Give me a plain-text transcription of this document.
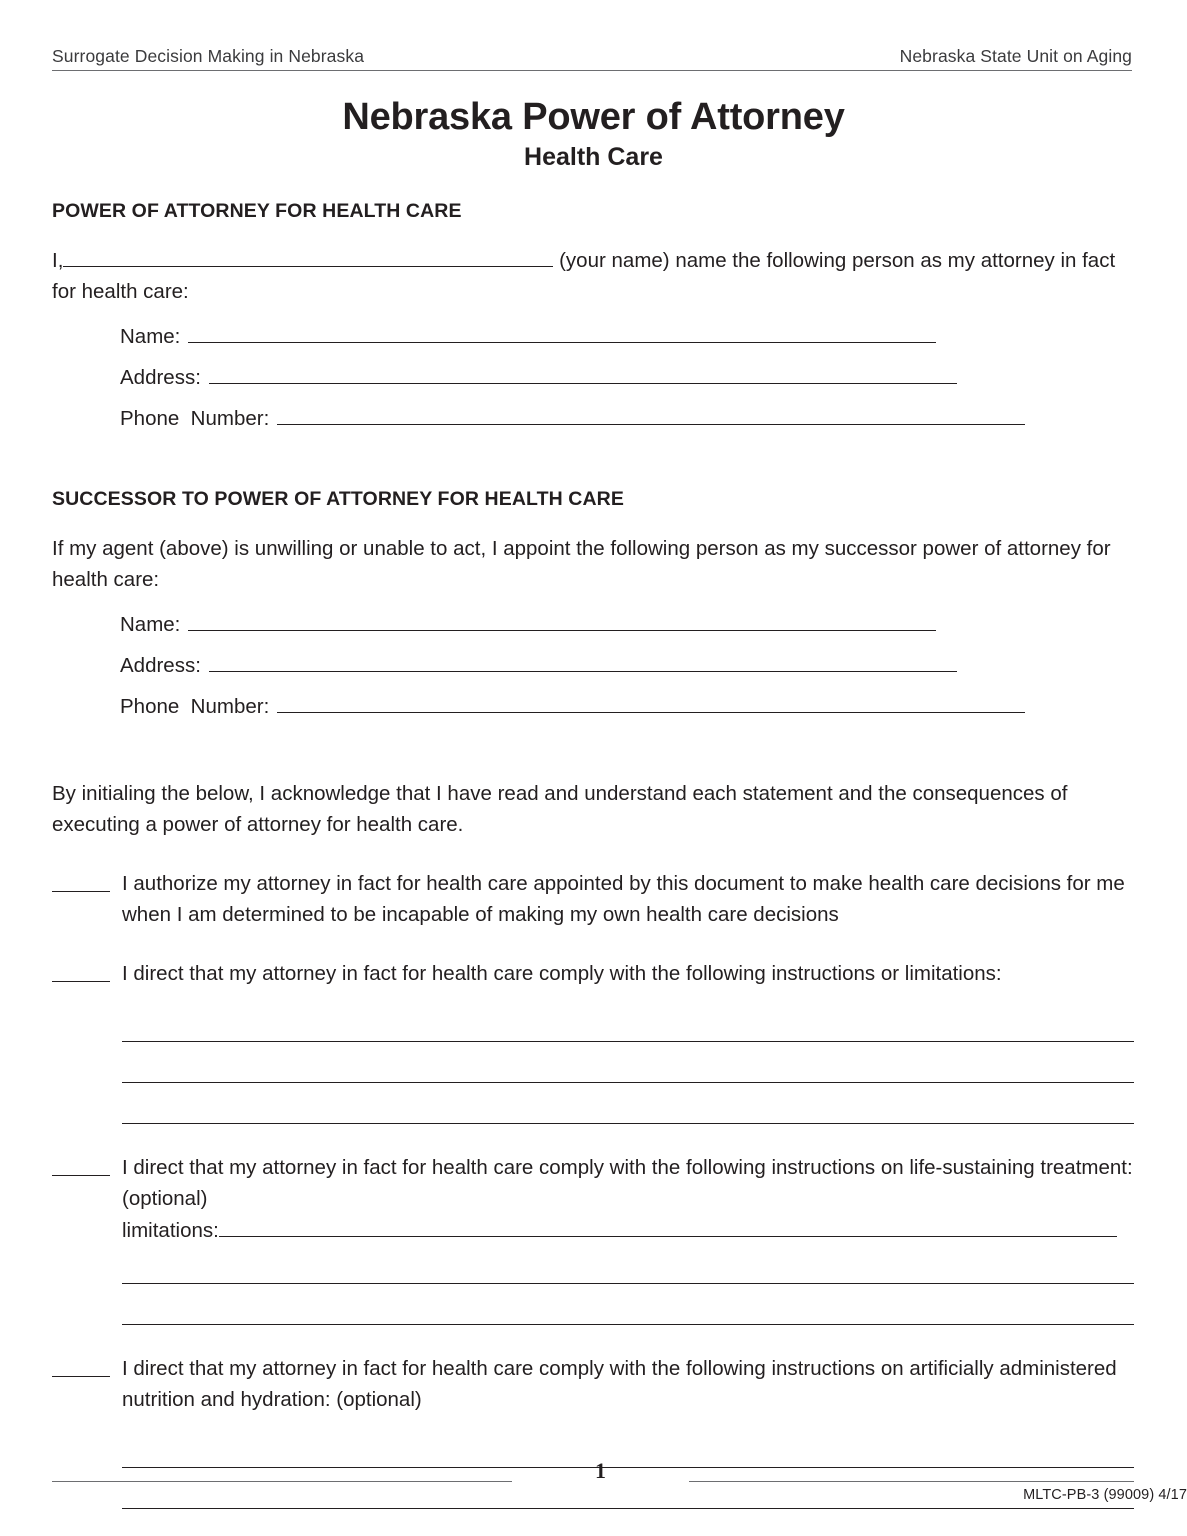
Surrogate Decision Making in Nebraska	Nebraska State Unit on Aging
Nebraska Power of Attorney
Health Care
POWER OF ATTORNEY FOR HEALTH CARE

I,	(your name) name the following person as my attorney in fact for health care:

Name:
Address:
Phone  Number:
SUCCESSOR TO POWER OF ATTORNEY FOR HEALTH CARE

If my agent (above) is unwilling or unable to act, I appoint the following person as my successor power of attorney for health care:

Name:
Address:
Phone  Number:

By initialing the below, I acknowledge that I have read and understand each statement and the consequences of executing a power of attorney for health care.

I authorize my attorney in fact for health care appointed by this document to make health care decisions for me when I am determined to be incapable of making my own health care decisions
I direct that my attorney in fact for health care comply with the following instructions or limitations:
I direct that my attorney in fact for health care comply with the following instructions on life-sustaining treatment: (optional)
limitations:
I direct that my attorney in fact for health care comply with the following instructions on artificially administered nutrition and hydration: (optional)
1
MLTC-PB-3 (99009) 4/17
